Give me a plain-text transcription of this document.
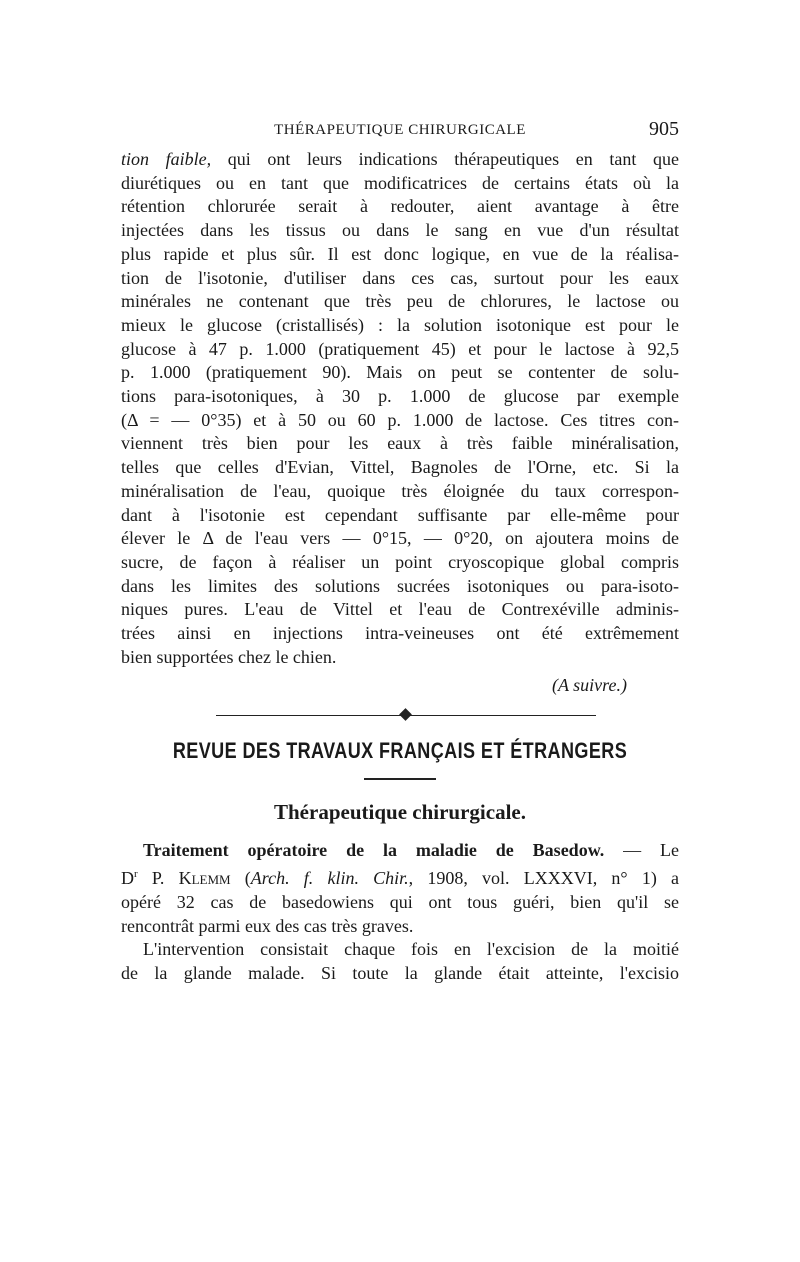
THÉRAPEUTIQUE CHIRURGICALE	905
tion faible, qui ont leurs indications thérapeutiques en tant que
diurétiques ou en tant que modificatrices de certains états où la
rétention chlorurée serait à redouter, aient avantage à être
injectées dans les tissus ou dans le sang en vue d'un résultat
plus rapide et plus sûr. Il est donc logique, en vue de la réalisa-
tion de l'isotonie, d'utiliser dans ces cas, surtout pour les eaux
minérales ne contenant que très peu de chlorures, le lactose ou
mieux le glucose (cristallisés) : la solution isotonique est pour le
glucose à 47 p. 1.000 (pratiquement 45) et pour le lactose à 92,5
p. 1.000 (pratiquement 90). Mais on peut se contenter de solu-
tions para-isotoniques, à 30 p. 1.000 de glucose par exemple
(Δ = — 0°35) et à 50 ou 60 p. 1.000 de lactose. Ces titres con-
viennent très bien pour les eaux à très faible minéralisation,
telles que celles d'Evian, Vittel, Bagnoles de l'Orne, etc. Si la
minéralisation de l'eau, quoique très éloignée du taux correspon-
dant à l'isotonie est cependant suffisante par elle-même pour
élever le Δ de l'eau vers — 0°15, — 0°20, on ajoutera moins de
sucre, de façon à réaliser un point cryoscopique global compris
dans les limites des solutions sucrées isotoniques ou para-isoto-
niques pures. L'eau de Vittel et l'eau de Contrexéville adminis-
trées ainsi en injections intra-veineuses ont été extrêmement
bien supportées chez le chien.
(A suivre.)
REVUE DES TRAVAUX FRANÇAIS ET ÉTRANGERS
Thérapeutique chirurgicale.
Traitement opératoire de la maladie de Basedow. — Le
$D^r$ P. Klemm (Arch. f. klin. Chir., 1908, vol. LXXXVI, n° 1) a
opéré 32 cas de basedowiens qui ont tous guéri, bien qu'il se
rencontrât parmi eux des cas très graves.
L'intervention consistait chaque fois en l'excision de la moitié
de la glande malade. Si toute la glande était atteinte, l'excisio
